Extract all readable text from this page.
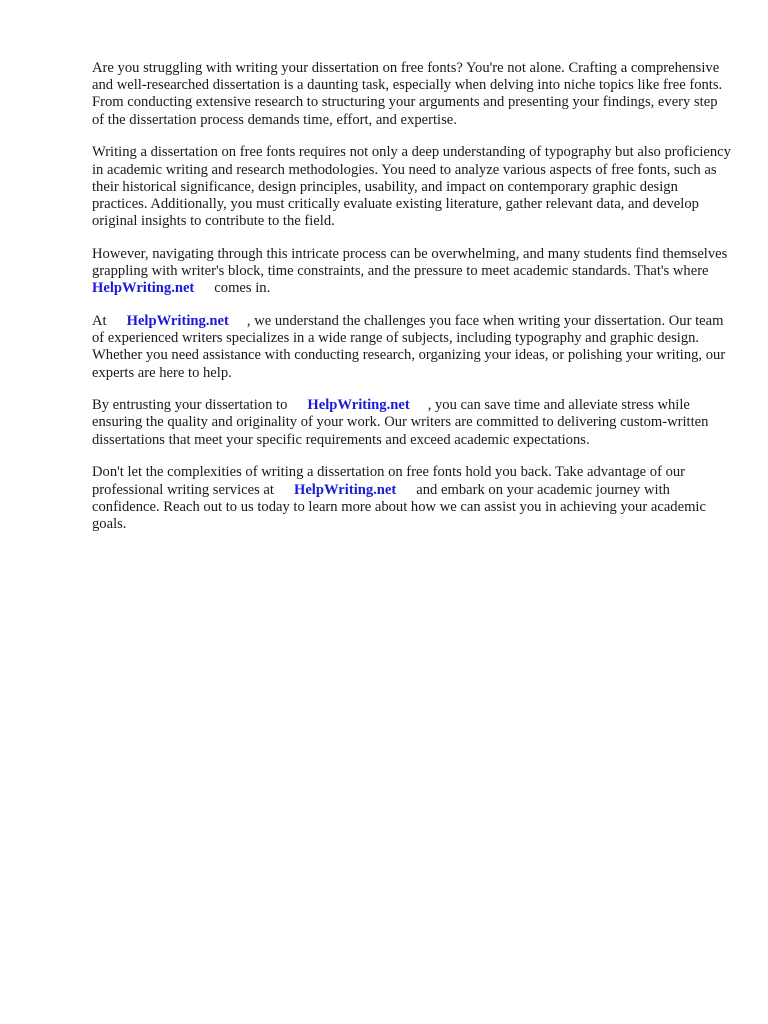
Are you struggling with writing your dissertation on free fonts? You're not alone. Crafting a comprehensive and well-researched dissertation is a daunting task, especially when delving into niche topics like free fonts. From conducting extensive research to structuring your arguments and presenting your findings, every step of the dissertation process demands time, effort, and expertise.

Writing a dissertation on free fonts requires not only a deep understanding of typography but also proficiency in academic writing and research methodologies. You need to analyze various aspects of free fonts, such as their historical significance, design principles, usability, and impact on contemporary graphic design practices. Additionally, you must critically evaluate existing literature, gather relevant data, and develop original insights to contribute to the field.

However, navigating through this intricate process can be overwhelming, and many students find themselves grappling with writer's block, time constraints, and the pressure to meet academic standards. That's whereHelpWriting.net comes in.

At HelpWriting.net , we understand the challenges you face when writing your dissertation. Our team of experienced writers specializes in a wide range of subjects, including typography and graphic design. Whether you need assistance with conducting research, organizing your ideas, or polishing your writing, our experts are here to help.

By entrusting your dissertation to HelpWriting.net , you can save time and alleviate stress while ensuring the quality and originality of your work. Our writers are committed to delivering custom-written dissertations that meet your specific requirements and exceed academic expectations.

Don't let the complexities of writing a dissertation on free fonts hold you back. Take advantage of our professional writing services at HelpWriting.net and embark on your academic journey with confidence. Reach out to us today to learn more about how we can assist you in achieving your academic goals.
